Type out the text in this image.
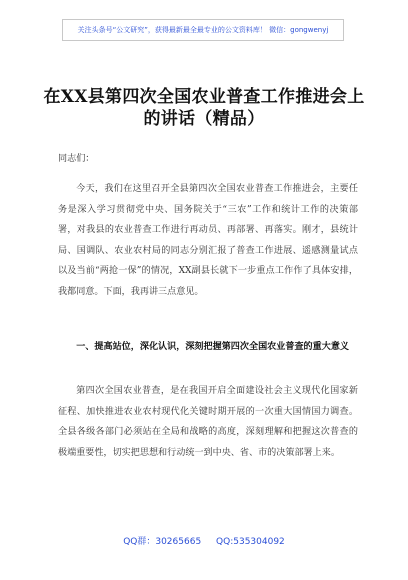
关注头条号“公文研究”，获得最新最全最专业的公文资料库！ 微信：gongwenyj
在XX县第四次全国农业普查工作推进会上的讲话（精品）

同志们：

今天，我们在这里召开全县第四次全国农业普查工作推进会，主要任务是深入学习贯彻党中央、国务院关于“三农”工作和统计工作的决策部署，对我县的农业普查工作进行再动员、再部署、再落实。刚才，县统计局、国调队、农业农村局的同志分别汇报了普查工作进展、遥感测量试点以及当前“两抢一保”的情况，XX副县长就下一步重点工作作了具体安排，我都同意。下面，我再讲三点意见。

一、提高站位，深化认识，深刻把握第四次全国农业普查的重大意义

第四次全国农业普查，是在我国开启全面建设社会主义现代化国家新征程、加快推进农业农村现代化关键时期开展的一次重大国情国力调查。全县各级各部门必须站在全局和战略的高度，深刻理解和把握这次普查的极端重要性，切实把思想和行动统一到中央、省、市的决策部署上来。

QQ群：30265665 QQ:535304092
